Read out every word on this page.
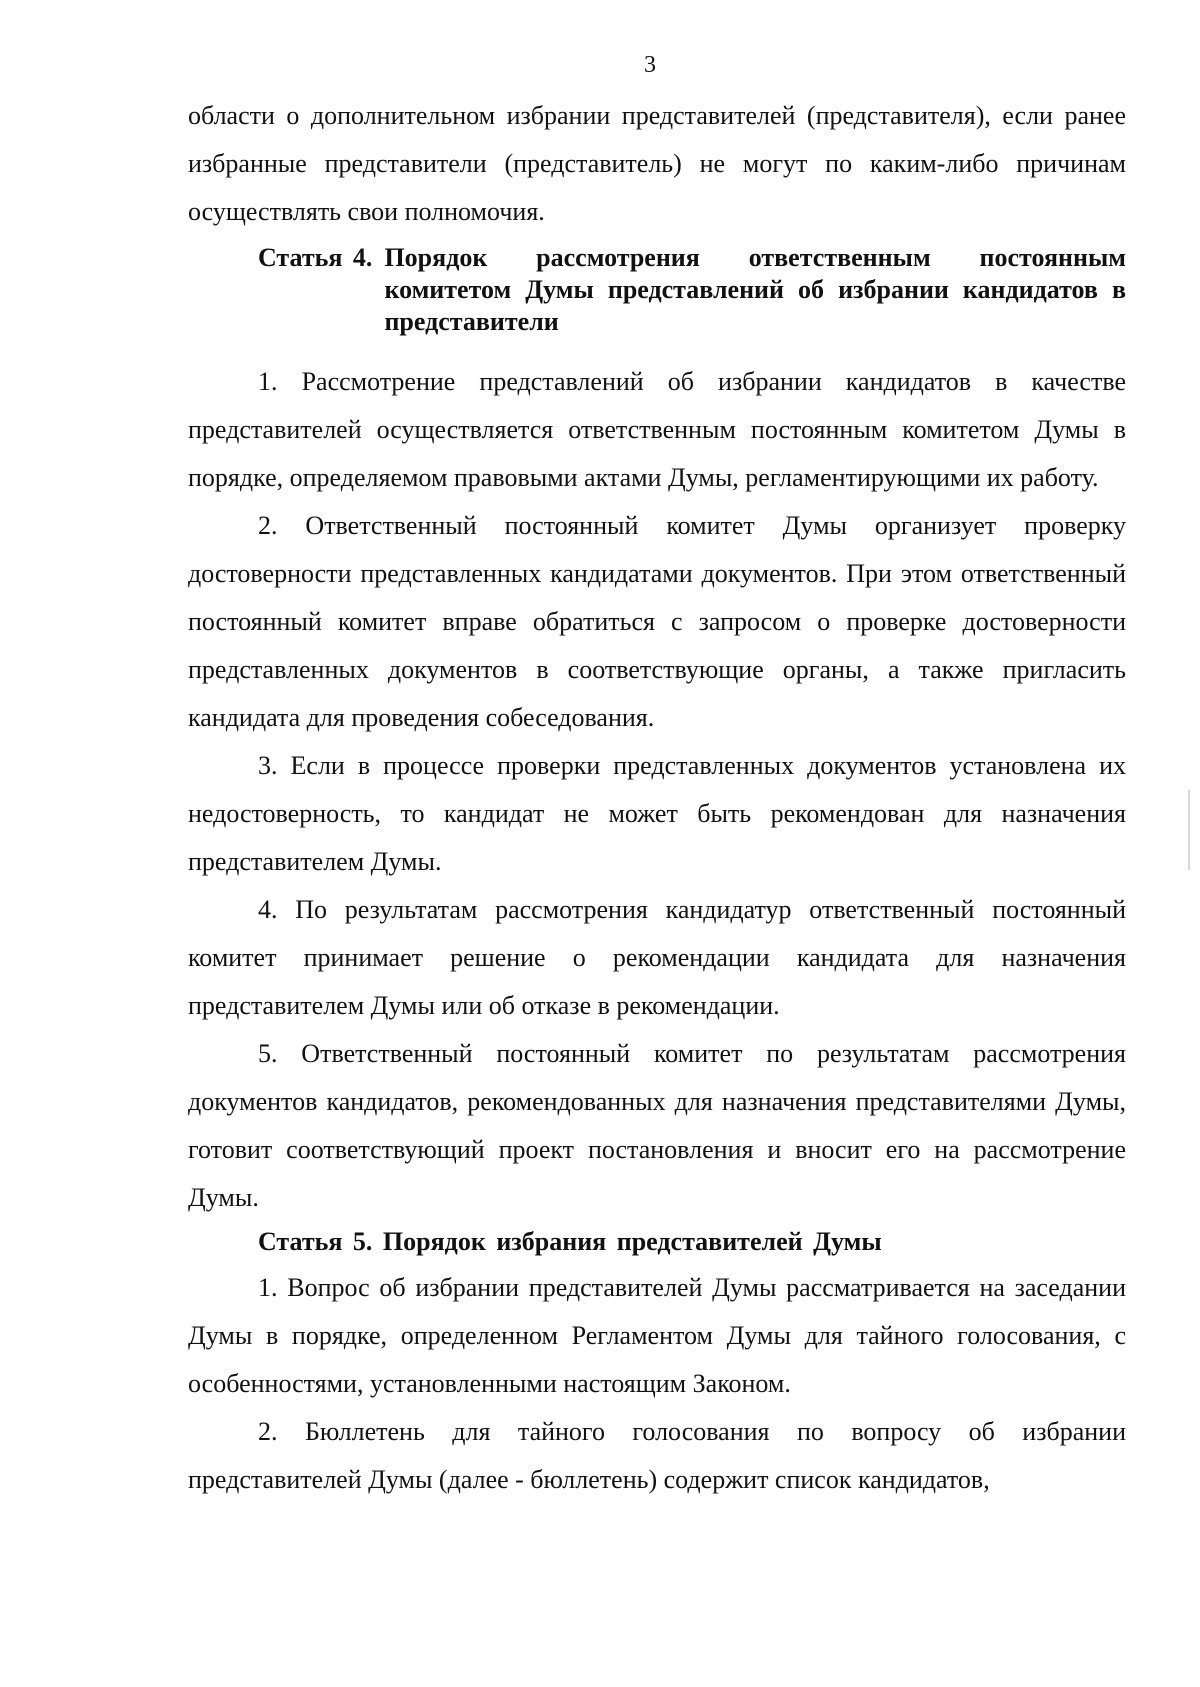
3

области о дополнительном избрании представителей (представителя), если ранее избранные представители (представитель) не могут по каким-либо причинам осуществлять свои полномочия.

Статья 4. Порядок рассмотрения ответственным постоянным комитетом Думы представлений об избрании кандидатов в представители

1. Рассмотрение представлений об избрании кандидатов в качестве представителей осуществляется ответственным постоянным комитетом Думы в порядке, определяемом правовыми актами Думы, регламентирующими их работу.

2. Ответственный постоянный комитет Думы организует проверку достоверности представленных кандидатами документов. При этом ответственный постоянный комитет вправе обратиться с запросом о проверке достоверности представленных документов в соответствующие органы, а также пригласить кандидата для проведения собеседования.

3. Если в процессе проверки представленных документов установлена их недостоверность, то кандидат не может быть рекомендован для назначения представителем Думы.

4. По результатам рассмотрения кандидатур ответственный постоянный комитет принимает решение о рекомендации кандидата для назначения представителем Думы или об отказе в рекомендации.

5. Ответственный постоянный комитет по результатам рассмотрения документов кандидатов, рекомендованных для назначения представителями Думы, готовит соответствующий проект постановления и вносит его на рассмотрение Думы.

Статья 5. Порядок избрания представителей Думы

1. Вопрос об избрании представителей Думы рассматривается на заседании Думы в порядке, определенном Регламентом Думы для тайного голосования, с особенностями, установленными настоящим Законом.

2. Бюллетень для тайного голосования по вопросу об избрании представителей Думы (далее - бюллетень) содержит список кандидатов,
